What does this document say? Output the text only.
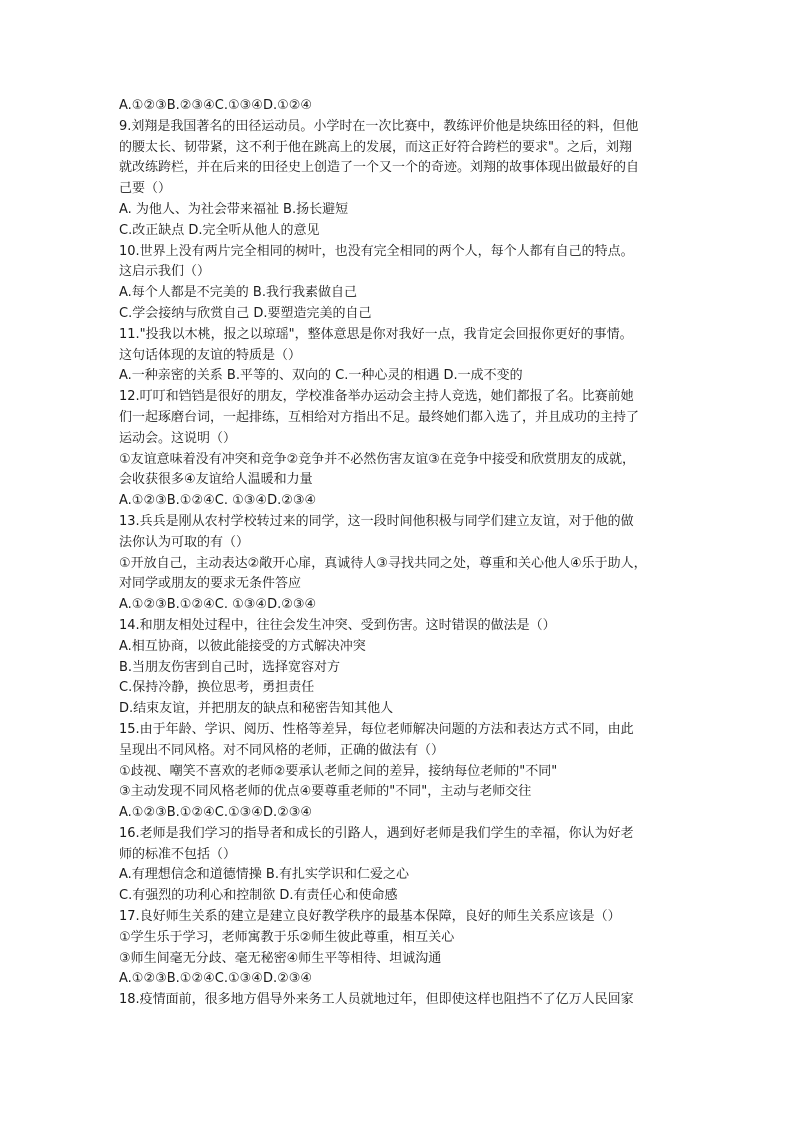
A.①②③B.②③④C.①③④D.①②④
9.刘翔是我国著名的田径运动员。小学时在一次比赛中，教练评价他是块练田径的料，但他
的腰太长、韧带紧，这不利于他在跳高上的发展，而这正好符合跨栏的要求"。之后，刘翔
就改练跨栏，并在后来的田径史上创造了一个又一个的奇迹。刘翔的故事体现出做最好的自
己要（）
A. 为他人、为社会带来福祉 B.扬长避短
C.改正缺点 D.完全听从他人的意见
10.世界上没有两片完全相同的树叶，也没有完全相同的两个人，每个人都有自己的特点。
这启示我们（）
A.每个人都是不完美的 B.我行我素做自己
C.学会接纳与欣赏自己 D.要塑造完美的自己
11."投我以木桃，报之以琼瑶"，整体意思是你对我好一点，我肯定会回报你更好的事情。
这句话体现的友谊的特质是（）
A.一种亲密的关系 B.平等的、双向的 C.一种心灵的相遇 D.一成不变的
12.叮叮和铛铛是很好的朋友，学校准备举办运动会主持人竞选，她们都报了名。比赛前她
们一起琢磨台词，一起排练，互相给对方指出不足。最终她们都入选了，并且成功的主持了
运动会。这说明（）
①友谊意味着没有冲突和竞争②竞争并不必然伤害友谊③在竞争中接受和欣赏朋友的成就，
会收获很多④友谊给人温暖和力量
A.①②③B.①②④C. ①③④D.②③④
13.兵兵是刚从农村学校转过来的同学，这一段时间他积极与同学们建立友谊，对于他的做
法你认为可取的有（）
①开放自己，主动表达②敞开心扉，真诚待人③寻找共同之处，尊重和关心他人④乐于助人，
对同学或朋友的要求无条件答应
A.①②③B.①②④C. ①③④D.②③④
14.和朋友相处过程中，往往会发生冲突、受到伤害。这时错误的做法是（）
A.相互协商，以彼此能接受的方式解决冲突
B.当朋友伤害到自己时，选择宽容对方
C.保持冷静，换位思考，勇担责任
D.结束友谊，并把朋友的缺点和秘密告知其他人
15.由于年龄、学识、阅历、性格等差异，每位老师解决问题的方法和表达方式不同，由此
呈现出不同风格。对不同风格的老师，正确的做法有（）
①歧视、嘲笑不喜欢的老师②要承认老师之间的差异，接纳每位老师的"不同"
③主动发现不同风格老师的优点④要尊重老师的"不同"，主动与老师交往
A.①②③B.①②④C.①③④D.②③④
16.老师是我们学习的指导者和成长的引路人，遇到好老师是我们学生的幸福，你认为好老
师的标准不包括（）
A.有理想信念和道德情操 B.有扎实学识和仁爱之心
C.有强烈的功利心和控制欲 D.有责任心和使命感
17.良好师生关系的建立是建立良好教学秩序的最基本保障，良好的师生关系应该是（）
①学生乐于学习，老师寓教于乐②师生彼此尊重，相互关心
③师生间毫无分歧、毫无秘密④师生平等相待、坦诚沟通
A.①②③B.①②④C.①③④D.②③④
18.疫情面前，很多地方倡导外来务工人员就地过年，但即使这样也阻挡不了亿万人民回家
